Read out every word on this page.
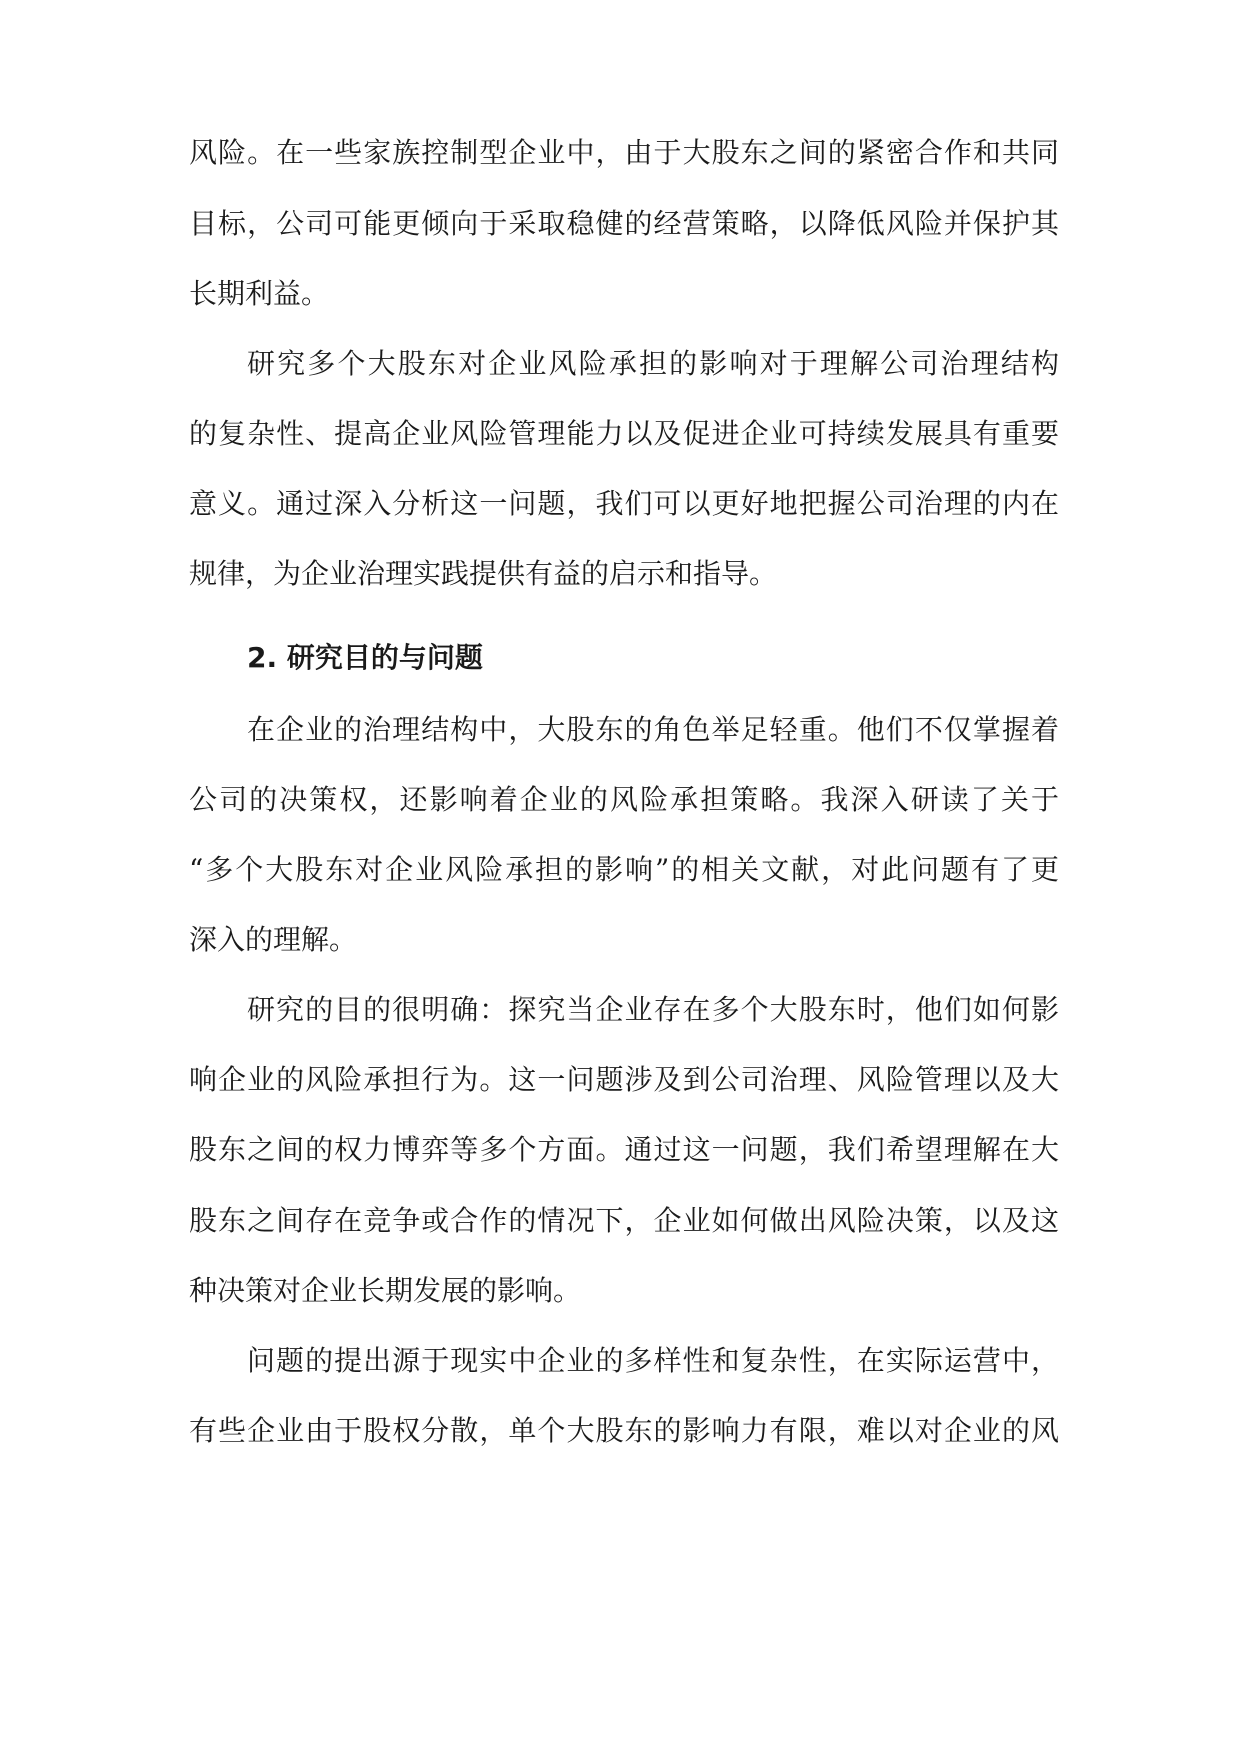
风险。在一些家族控制型企业中，由于大股东之间的紧密合作和共同
目标，公司可能更倾向于采取稳健的经营策略，以降低风险并保护其
长期利益。
研究多个大股东对企业风险承担的影响对于理解公司治理结构
的复杂性、提高企业风险管理能力以及促进企业可持续发展具有重要
意义。通过深入分析这一问题，我们可以更好地把握公司治理的内在
规律，为企业治理实践提供有益的启示和指导。
2. 研究目的与问题
在企业的治理结构中，大股东的角色举足轻重。他们不仅掌握着
公司的决策权，还影响着企业的风险承担策略。我深入研读了关于
“多个大股东对企业风险承担的影响”的相关文献，对此问题有了更
深入的理解。
研究的目的很明确：探究当企业存在多个大股东时，他们如何影
响企业的风险承担行为。这一问题涉及到公司治理、风险管理以及大
股东之间的权力博弈等多个方面。通过这一问题，我们希望理解在大
股东之间存在竞争或合作的情况下，企业如何做出风险决策，以及这
种决策对企业长期发展的影响。
问题的提出源于现实中企业的多样性和复杂性，在实际运营中，
有些企业由于股权分散，单个大股东的影响力有限，难以对企业的风
